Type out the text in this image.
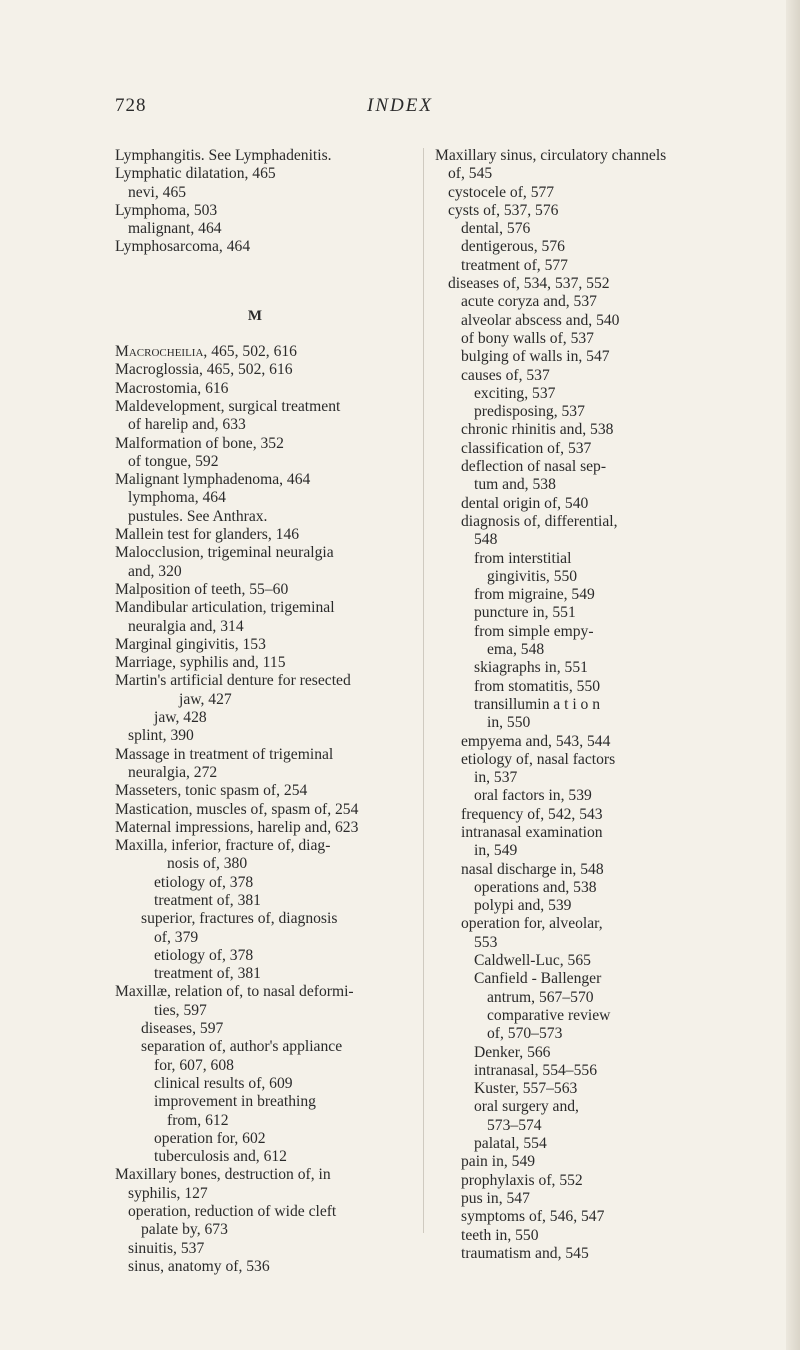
728	INDEX
Lymphangitis. See Lymphadenitis.
Lymphatic dilatation, 465
nevi, 465
Lymphoma, 503
malignant, 464
Lymphosarcoma, 464
M
Macrocheilia, 465, 502, 616
Macroglossia, 465, 502, 616
Macrostomia, 616
Maldevelopment, surgical treatment
of harelip and, 633
Malformation of bone, 352
of tongue, 592
Malignant lymphadenoma, 464
lymphoma, 464
pustules. See Anthrax.
Mallein test for glanders, 146
Malocclusion, trigeminal neuralgia
and, 320
Malposition of teeth, 55–60
Mandibular articulation, trigeminal
neuralgia and, 314
Marginal gingivitis, 153
Marriage, syphilis and, 115
Martin's artificial denture for resected
jaw, 427
jaw, 428
splint, 390
Massage in treatment of trigeminal
neuralgia, 272
Masseters, tonic spasm of, 254
Mastication, muscles of, spasm of, 254
Maternal impressions, harelip and, 623
Maxilla, inferior, fracture of, diag-
nosis of, 380
etiology of, 378
treatment of, 381
superior, fractures of, diagnosis
of, 379
etiology of, 378
treatment of, 381
Maxillæ, relation of, to nasal deformi-
ties, 597
diseases, 597
separation of, author's appliance
for, 607, 608
clinical results of, 609
improvement in breathing
from, 612
operation for, 602
tuberculosis and, 612
Maxillary bones, destruction of, in
syphilis, 127
operation, reduction of wide cleft
palate by, 673
sinuitis, 537
sinus, anatomy of, 536
Maxillary sinus, circulatory channels
of, 545
cystocele of, 577
cysts of, 537, 576
dental, 576
dentigerous, 576
treatment of, 577
diseases of, 534, 537, 552
acute coryza and, 537
alveolar abscess and, 540
of bony walls of, 537
bulging of walls in, 547
causes of, 537
exciting, 537
predisposing, 537
chronic rhinitis and, 538
classification of, 537
deflection of nasal sep-
tum and, 538
dental origin of, 540
diagnosis of, differential,
548
from interstitial
gingivitis, 550
from migraine, 549
puncture in, 551
from simple empy-
ema, 548
skiagraphs in, 551
from stomatitis, 550
transillumin a t i o n
in, 550
empyema and, 543, 544
etiology of, nasal factors
in, 537
oral factors in, 539
frequency of, 542, 543
intranasal examination
in, 549
nasal discharge in, 548
operations and, 538
polypi and, 539
operation for, alveolar,
553
Caldwell-Luc, 565
Canfield - Ballenger
antrum, 567–570
comparative review
of, 570–573
Denker, 566
intranasal, 554–556
Kuster, 557–563
oral surgery and,
573–574
palatal, 554
pain in, 549
prophylaxis of, 552
pus in, 547
symptoms of, 546, 547
teeth in, 550
traumatism and, 545
